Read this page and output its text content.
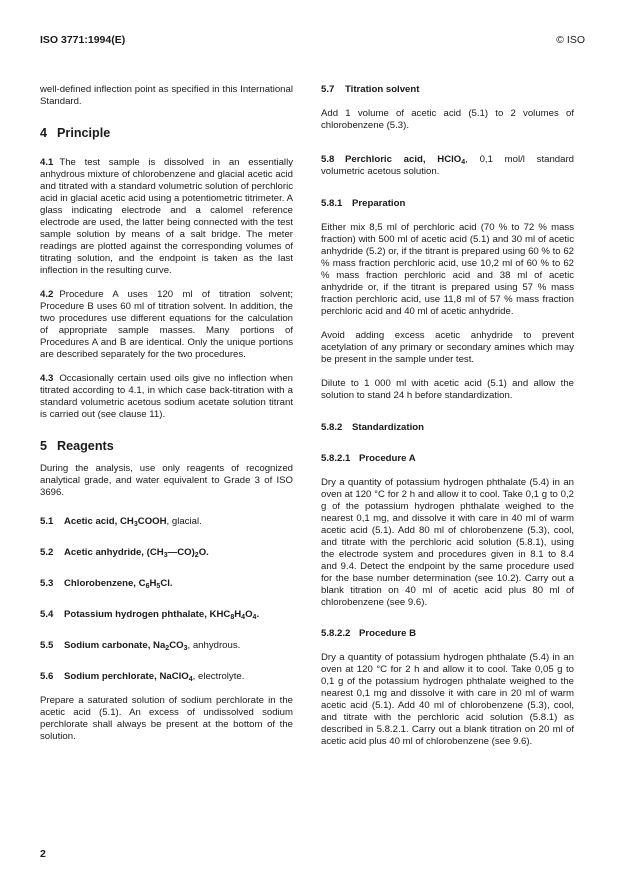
ISO 3771:1994(E)	© ISO

well-defined inflection point as specified in this International Standard.

4 Principle

4.1 The test sample is dissolved in an essentially anhydrous mixture of chlorobenzene and glacial acetic acid and titrated with a standard volumetric solution of perchloric acid in glacial acetic acid using a potentiometric titrimeter. A glass indicating electrode and a calomel reference electrode are used, the latter being connected with the test sample solution by means of a salt bridge. The meter readings are plotted against the corresponding volumes of titrating solution, and the endpoint is taken as the last inflection in the resulting curve.

4.2 Procedure A uses 120 ml of titration solvent; Procedure B uses 60 ml of titration solvent. In addition, the two procedures use different equations for the calculation of appropriate sample masses. Many portions of Procedures A and B are identical. Only the unique portions are described separately for the two procedures.

4.3 Occasionally certain used oils give no inflection when titrated according to 4.1, in which case back-titration with a standard volumetric acetous sodium acetate solution titrant is carried out (see clause 11).

5 Reagents

During the analysis, use only reagents of recognized analytical grade, and water equivalent to Grade 3 of ISO 3696.

5.1 Acetic acid, $CH_3COOH$, glacial.
5.2 Acetic anhydride, $(CH_3—CO)_2O$.
5.3 Chlorobenzene, $C_6H_5Cl$.
5.4 Potassium hydrogen phthalate, $KHC_8H_4O_4$.
5.5 Sodium carbonate, $Na_2CO_3$, anhydrous.
5.6 Sodium perchlorate, NaClO$_4$, electrolyte.

Prepare a saturated solution of sodium perchlorate in the acetic acid (5.1). An excess of undissolved sodium perchlorate shall always be present at the bottom of the solution.

5.7 Titration solvent

Add 1 volume of acetic acid (5.1) to 2 volumes of chlorobenzene (5.3).

5.8 Perchloric acid, HClO$_4$, 0,1 mol/l standard volumetric acetous solution.

5.8.1 Preparation

Either mix 8,5 ml of perchloric acid (70 % to 72 % mass fraction) with 500 ml of acetic acid (5.1) and 30 ml of acetic anhydride (5.2) or, if the titrant is prepared using 60 % to 62 % mass fraction perchloric acid, use 10,2 ml of 60 % to 62 % mass fraction perchloric acid and 38 ml of acetic anhydride or, if the titrant is prepared using 57 % mass fraction perchloric acid, use 11,8 ml of 57 % mass fraction perchloric acid and 40 ml of acetic anhydride.

Avoid adding excess acetic anhydride to prevent acetylation of any primary or secondary amines which may be present in the sample under test.

Dilute to 1 000 ml with acetic acid (5.1) and allow the solution to stand 24 h before standardization.

5.8.2 Standardization
5.8.2.1 Procedure A

Dry a quantity of potassium hydrogen phthalate (5.4) in an oven at 120 °C for 2 h and allow it to cool. Take 0,1 g to 0,2 g of the potassium hydrogen phthalate weighed to the nearest 0,1 mg, and dissolve it with care in 40 ml of warm acetic acid (5.1). Add 80 ml of chlorobenzene (5.3), cool, and titrate with the perchloric acid solution (5.8.1), using the electrode system and procedures given in 8.1 to 8.4 and 9.4. Detect the endpoint by the same procedure used for the base number determination (see 10.2). Carry out a blank titration on 40 ml of acetic acid plus 80 ml of chlorobenzene (see 9.6).

5.8.2.2 Procedure B

Dry a quantity of potassium hydrogen phthalate (5.4) in an oven at 120 °C for 2 h and allow it to cool. Take 0,05 g to 0,1 g of the potassium hydrogen phthalate weighed to the nearest 0,1 mg and dissolve it with care in 20 ml of warm acetic acid (5.1). Add 40 ml of chlorobenzene (5.3), cool, and titrate with the perchloric acid solution (5.8.1) as described in 5.8.2.1. Carry out a blank titration on 20 ml of acetic acid plus 40 ml of chlorobenzene (see 9.6).

2
